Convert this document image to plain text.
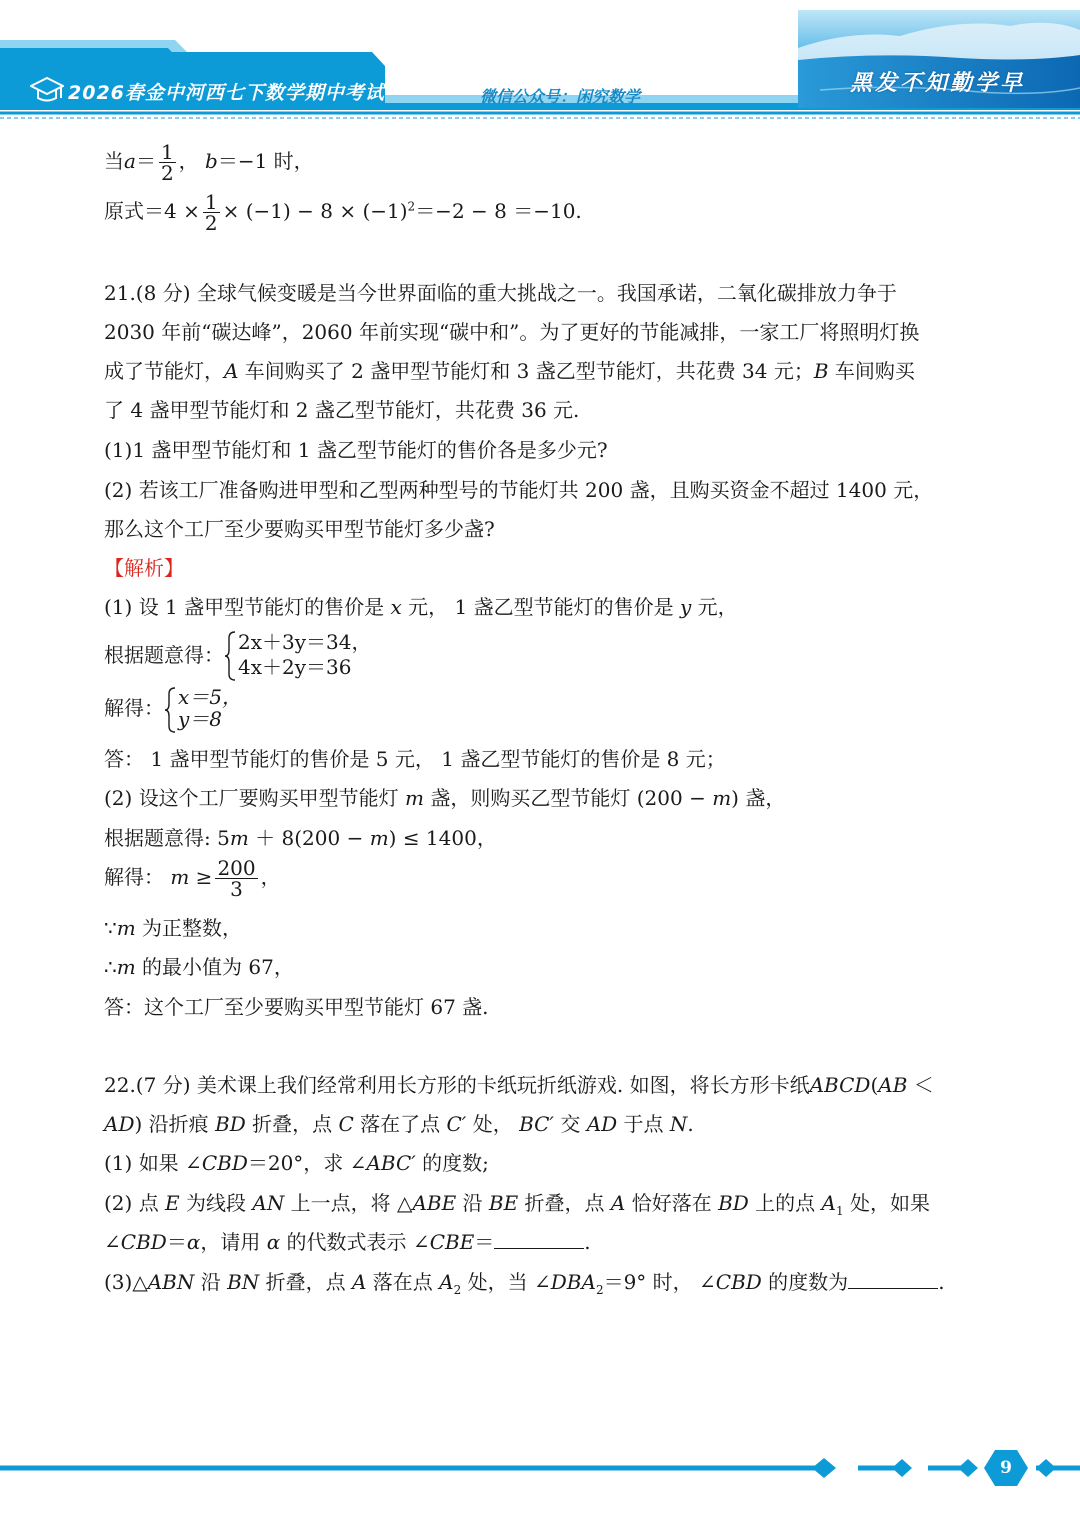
2026春金中河西七下数学期中考试	微信公众号：闲究数学
黑发不知勤学早
当$a= \frac{1}{2}$ ， b＝−1 时，
原式$=4 \times \frac{1}{2} \times (-1) - 8 \times (-1)^2=-2 - 8 =-10$.
21.(8 分) 全球气候变暖是当今世界面临的重大挑战之一。我国承诺，二氧化碳排放力争于
2030 年前“碳达峰”，2060 年前实现“碳中和”。为了更好的节能减排，一家工厂将照明灯换
成了节能灯，A 车间购买了 2 盏甲型节能灯和 3 盏乙型节能灯，共花费 34 元；B 车间购买
了 4 盏甲型节能灯和 2 盏乙型节能灯，共花费 36 元.
(1)1 盏甲型节能灯和 1 盏乙型节能灯的售价各是多少元?
(2) 若该工厂准备购进甲型和乙型两种型号的节能灯共 200 盏，且购买资金不超过 1400 元，
那么这个工厂至少要购买甲型节能灯多少盏?
【解析】
(1) 设 1 盏甲型节能灯的售价是 x 元， 1 盏乙型节能灯的售价是 y 元，
根据题意得：
2x＋3y＝34，
4x＋2y＝36
解得： x＝5，
y＝8
答： 1 盏甲型节能灯的售价是 5 元， 1 盏乙型节能灯的售价是 8 元；
(2) 设这个工厂要购买甲型节能灯 m 盏，则购买乙型节能灯 (200 − m) 盏，
根据题意得: 5m ＋ 8(200 − m) ≤ 1400，
解得： $m \ge \frac{200}{3}$ ，
∵m 为正整数，
∴m 的最小值为 67，
答：这个工厂至少要购买甲型节能灯 67 盏.
22.(7 分) 美术课上我们经常利用长方形的卡纸玩折纸游戏. 如图，将长方形卡纸ABCD(AB ＜
AD) 沿折痕 BD 折叠，点 C 落在了点 C′ 处， BC′ 交 AD 于点 N.
(1) 如果 ∠CBD＝20°，求 ∠ABC′ 的度数;
(2) 点 E 为线段 AN 上一点，将 △ABE 沿 BE 折叠，点 A 恰好落在 BD 上的点 $A_1$ 处，如果
∠CBD＝α，请用 α 的代数式表示 ∠CBE＝	.
(3)△ABN 沿 BN 折叠，点 A 落在点 $A_2$ 处，当 $\angle DBA_2=9^\circ$ 时， ∠CBD 的度数为	.
9
